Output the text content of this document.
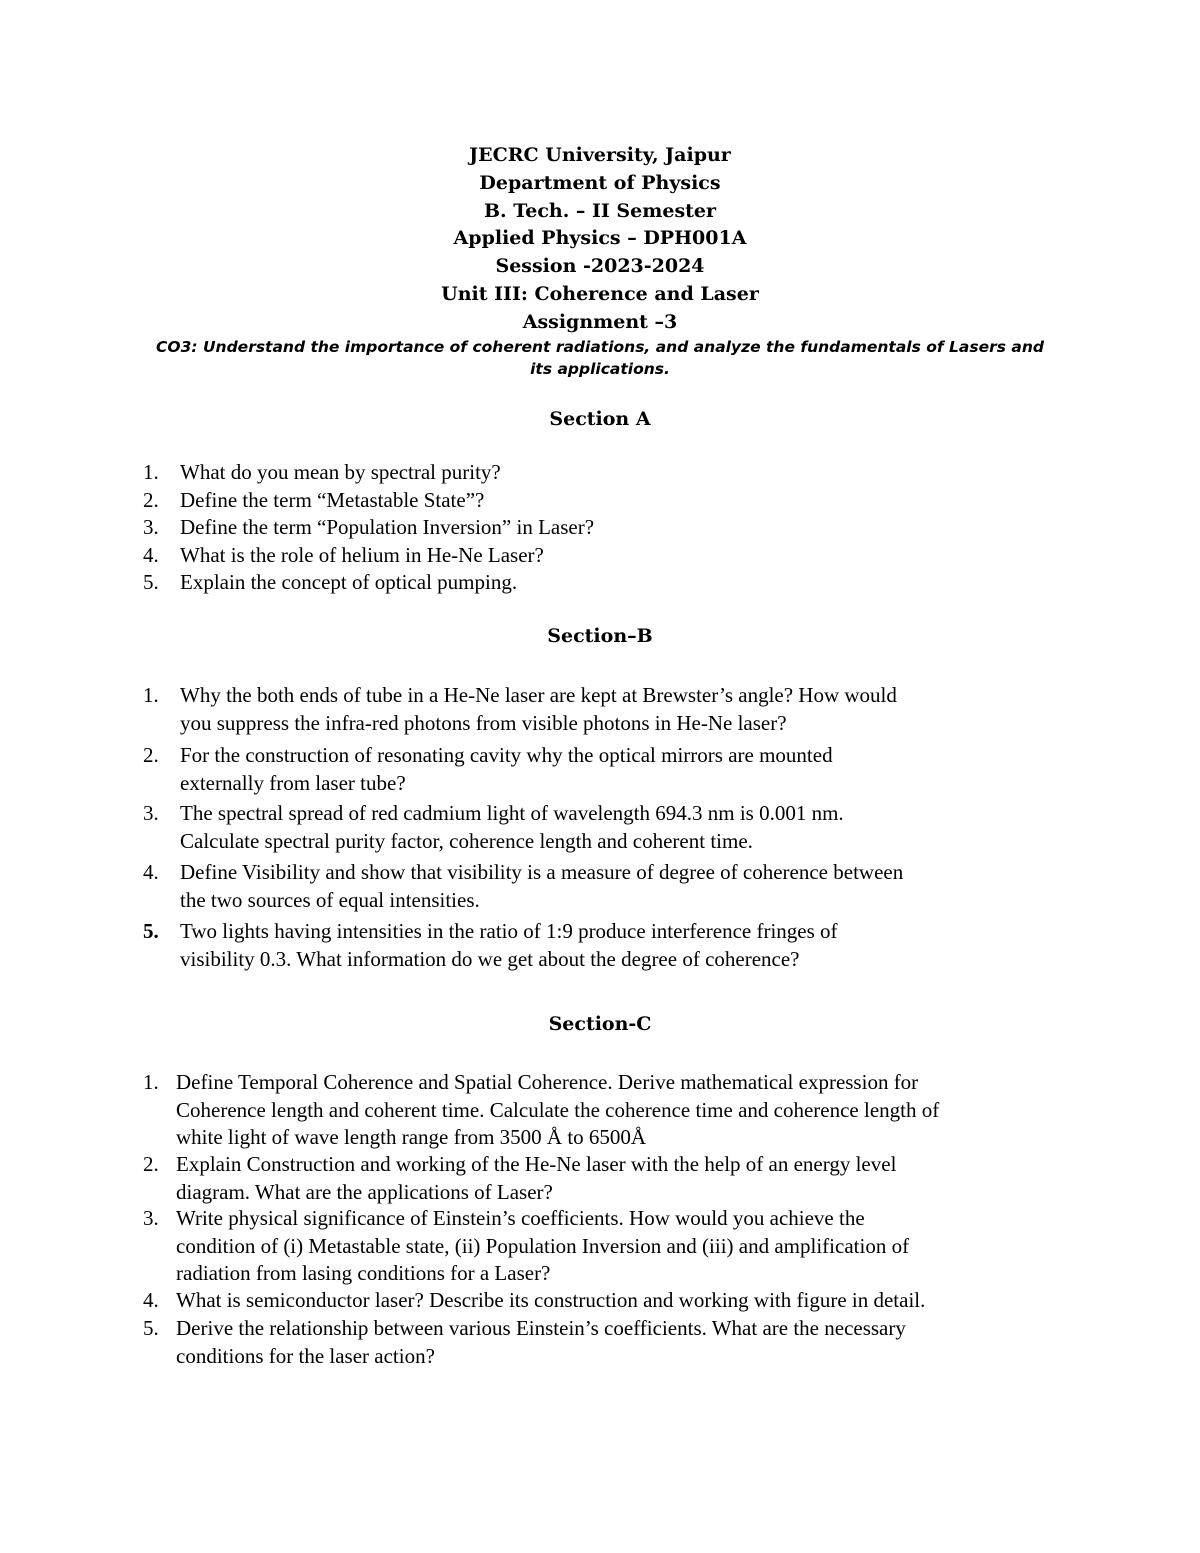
JECRC University, Jaipur
Department of Physics
B. Tech. – II Semester
Applied Physics – DPH001A
Session -2023-2024
Unit III: Coherence and Laser
Assignment –3
CO3: Understand the importance of coherent radiations, and analyze the fundamentals of Lasers and
its applications.
Section A
1. What do you mean by spectral purity?
2. Define the term “Metastable State”?
3. Define the term “Population Inversion” in Laser?
4. What is the role of helium in He-Ne Laser?
5. Explain the concept of optical pumping.
Section–B
1. Why the both ends of tube in a He-Ne laser are kept at Brewster’s angle? How would
you suppress the infra-red photons from visible photons in He-Ne laser?
2. For the construction of resonating cavity why the optical mirrors are mounted
externally from laser tube?
3. The spectral spread of red cadmium light of wavelength 694.3 nm is 0.001 nm.
Calculate spectral purity factor, coherence length and coherent time.
4. Define Visibility and show that visibility is a measure of degree of coherence between
the two sources of equal intensities.
5. Two lights having intensities in the ratio of 1:9 produce interference fringes of
visibility 0.3. What information do we get about the degree of coherence?
Section-C
1. Define Temporal Coherence and Spatial Coherence. Derive mathematical expression for
Coherence length and coherent time. Calculate the coherence time and coherence length of
white light of wave length range from 3500 Å to 6500Å
2. Explain Construction and working of the He-Ne laser with the help of an energy level
diagram. What are the applications of Laser?
3. Write physical significance of Einstein’s coefficients. How would you achieve the
condition of (i) Metastable state, (ii) Population Inversion and (iii) and amplification of
radiation from lasing conditions for a Laser?
4. What is semiconductor laser? Describe its construction and working with figure in detail.
5. Derive the relationship between various Einstein’s coefficients. What are the necessary
conditions for the laser action?
